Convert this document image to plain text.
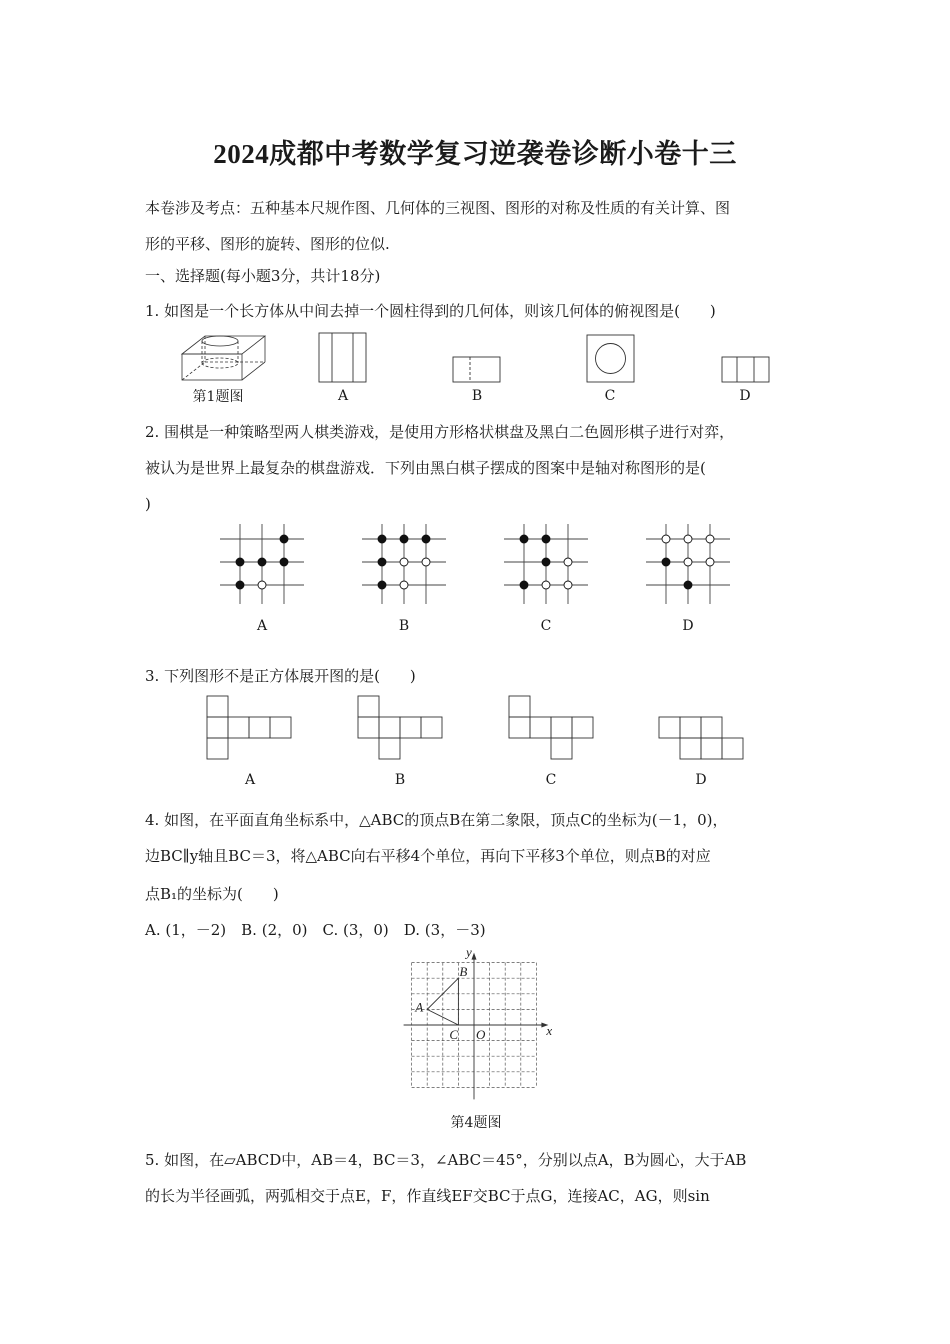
2024成都中考数学复习逆袭卷诊断小卷十三
本卷涉及考点：五种基本尺规作图、几何体的三视图、图形的对称及性质的有关计算、图
形的平移、图形的旋转、图形的位似.
一、选择题(每小题3分，共计18分)
1. 如图是一个长方体从中间去掉一个圆柱得到的几何体，则该几何体的俯视图是(　　)
第1题图	A	B	C	D
2. 围棋是一种策略型两人棋类游戏，是使用方形格状棋盘及黑白二色圆形棋子进行对弈，
被认为是世界上最复杂的棋盘游戏．下列由黑白棋子摆成的图案中是轴对称图形的是(
)
A	B	C	D
3. 下列图形不是正方体展开图的是(　　)
A	B	C	D
4. 如图，在平面直角坐标系中，△ABC的顶点B在第二象限，顶点C的坐标为(－1，0)，
边BC∥y轴且BC＝3，将△ABC向右平移4个单位，再向下平移3个单位，则点B的对应
点B₁的坐标为(　　)
A. (1，－2)　B. (2，0)　C. (3，0)　D. (3，－3)
A
B
C O	x
y
第4题图
5. 如图，在▱ABCD中，AB＝4，BC＝3，∠ABC＝45°，分别以点A，B为圆心，大于AB
的长为半径画弧，两弧相交于点E，F，作直线EF交BC于点G，连接AC，AG，则sin
